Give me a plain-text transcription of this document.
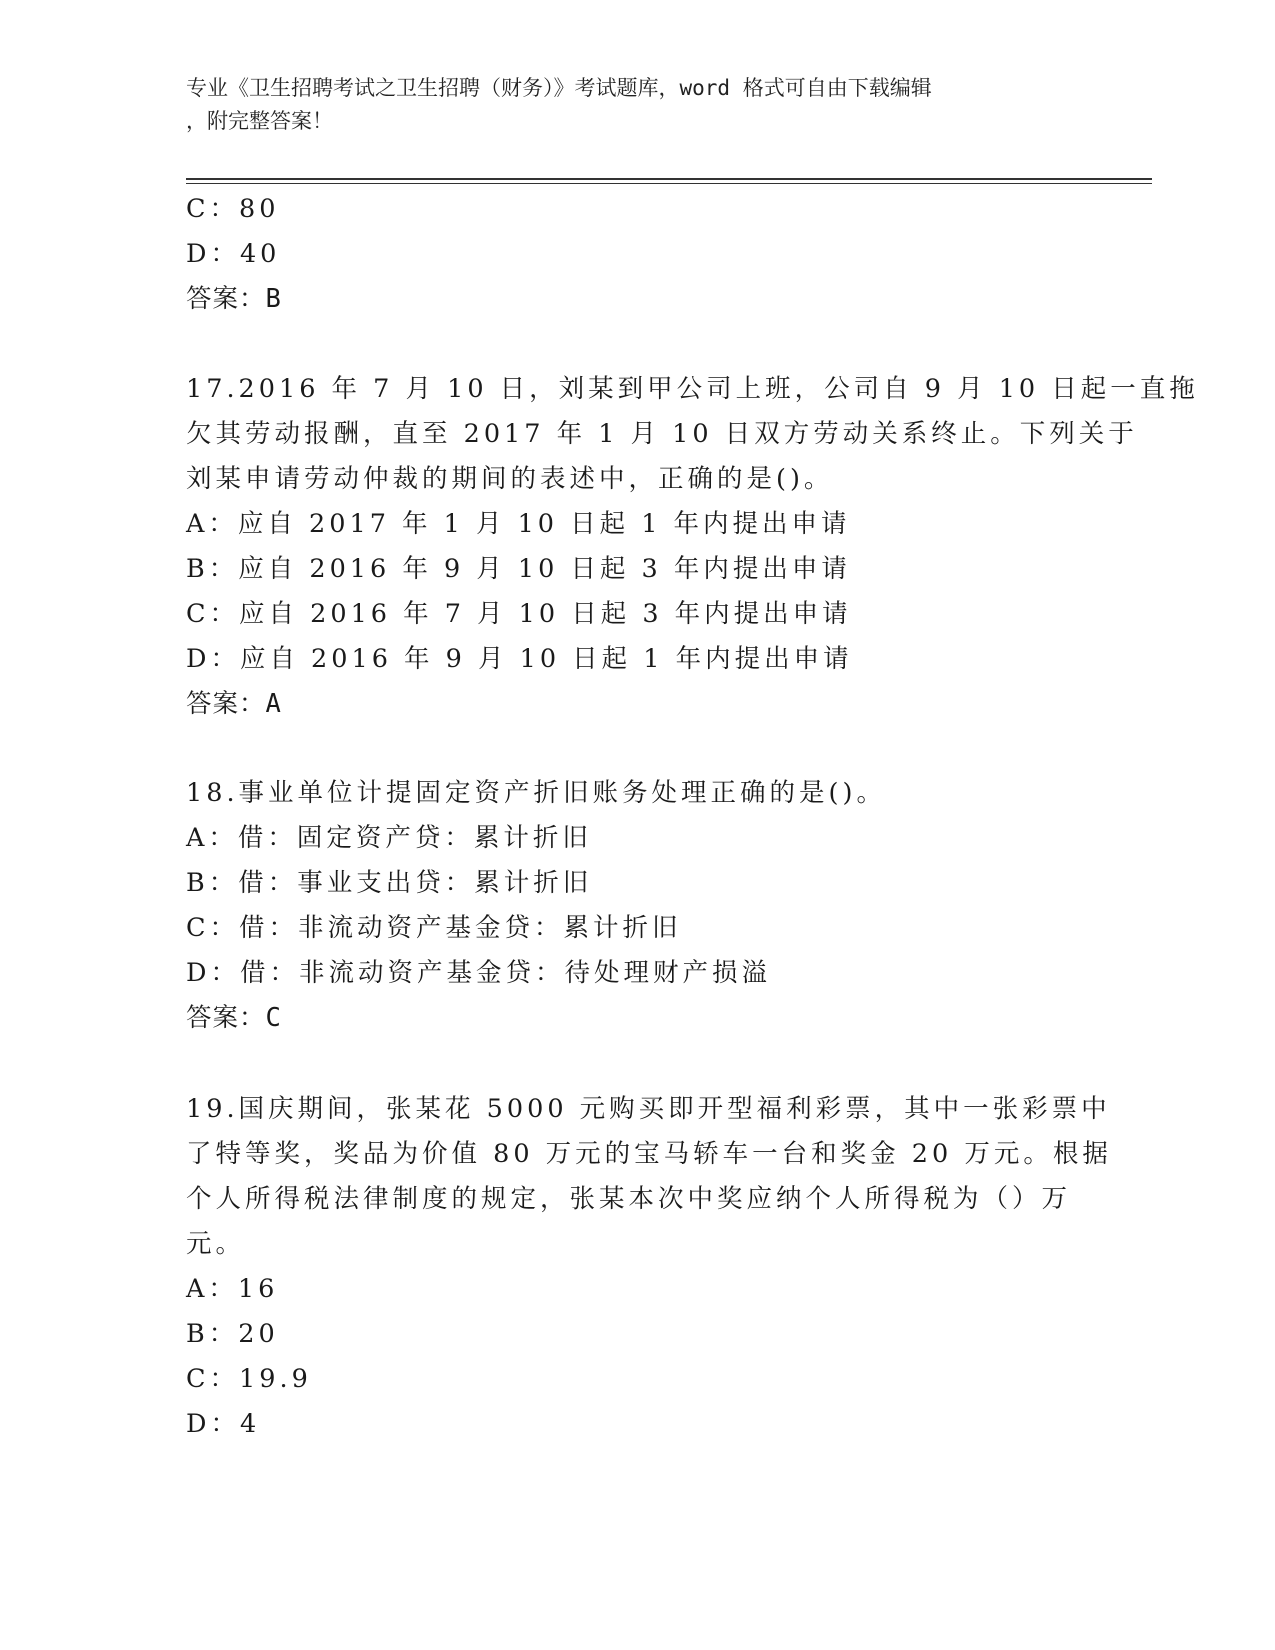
专业《卫生招聘考试之卫生招聘（财务）》考试题库，word 格式可自由下载编辑
，附完整答案！
C：80
D：40
答案：B
17.2016 年 7 月 10 日，刘某到甲公司上班，公司自 9 月 10 日起一直拖
欠其劳动报酬，直至 2017 年 1 月 10 日双方劳动关系终止。下列关于
刘某申请劳动仲裁的期间的表述中，正确的是()。
A：应自 2017 年 1 月 10 日起 1 年内提出申请
B：应自 2016 年 9 月 10 日起 3 年内提出申请
C：应自 2016 年 7 月 10 日起 3 年内提出申请
D：应自 2016 年 9 月 10 日起 1 年内提出申请
答案：A
18.事业单位计提固定资产折旧账务处理正确的是()。
A：借：固定资产贷：累计折旧
B：借：事业支出贷：累计折旧
C：借：非流动资产基金贷：累计折旧
D：借：非流动资产基金贷：待处理财产损溢
答案：C
19.国庆期间，张某花 5000 元购买即开型福利彩票，其中一张彩票中
了特等奖，奖品为价值 80 万元的宝马轿车一台和奖金 20 万元。根据
个人所得税法律制度的规定，张某本次中奖应纳个人所得税为（）万
元。
A：16
B：20
C：19.9
D：4
